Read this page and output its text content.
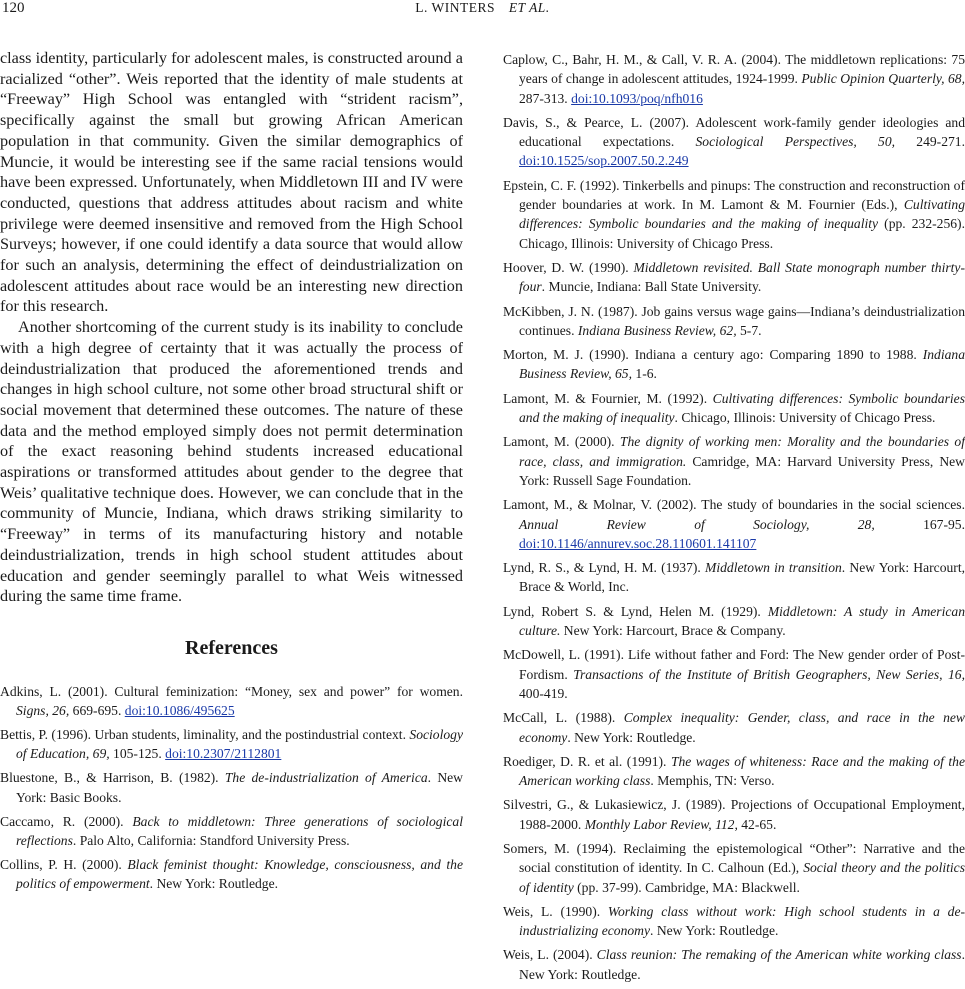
120	L. WINTERS ET AL.

class identity, particularly for adolescent males, is constructed around a racialized “other”. Weis reported that the identity of male students at “Freeway” High School was entangled with “strident racism”, specifically against the small but growing African American population in that community. Given the similar demographics of Muncie, it would be interesting see if the same racial tensions would have been expressed. Unfortunately, when Middletown III and IV were conducted, questions that address attitudes about racism and white privilege were deemed insensitive and removed from the High School Surveys; however, if one could identify a data source that would allow for such an analysis, determining the effect of deindustrialization on adolescent attitudes about race would be an interesting new direction for this research.

Another shortcoming of the current study is its inability to conclude with a high degree of certainty that it was actually the process of deindustrialization that produced the aforementioned trends and changes in high school culture, not some other broad structural shift or social movement that determined these outcomes. The nature of these data and the method employed simply does not permit determination of the exact reasoning behind students increased educational aspirations or transformed attitudes about gender to the degree that Weis’ qualitative technique does. However, we can conclude that in the community of Muncie, Indiana, which draws striking similarity to “Freeway” in terms of its manufacturing history and notable deindustrialization, trends in high school student attitudes about education and gender seemingly parallel to what Weis witnessed during the same time frame.

References

Adkins, L. (2001). Cultural feminization: “Money, sex and power” for women. Signs, 26, 669-695. doi:10.1086/495625

Bettis, P. (1996). Urban students, liminality, and the postindustrial context. Sociology of Education, 69, 105-125. doi:10.2307/2112801

Bluestone, B., & Harrison, B. (1982). The de-industrialization of America. New York: Basic Books.

Caccamo, R. (2000). Back to middletown: Three generations of sociological reflections. Palo Alto, California: Standford University Press.

Collins, P. H. (2000). Black feminist thought: Knowledge, consciousness, and the politics of empowerment. New York: Routledge.

Caplow, C., Bahr, H. M., & Call, V. R. A. (2004). The middletown replications: 75 years of change in adolescent attitudes, 1924-1999. Public Opinion Quarterly, 68, 287-313. doi:10.1093/poq/nfh016

Davis, S., & Pearce, L. (2007). Adolescent work-family gender ideologies and educational expectations. Sociological Perspectives, 50, 249-271. doi:10.1525/sop.2007.50.2.249

Epstein, C. F. (1992). Tinkerbells and pinups: The construction and reconstruction of gender boundaries at work. In M. Lamont & M. Fournier (Eds.), Cultivating differences: Symbolic boundaries and the making of inequality (pp. 232-256). Chicago, Illinois: University of Chicago Press.

Hoover, D. W. (1990). Middletown revisited. Ball State monograph number thirty-four. Muncie, Indiana: Ball State University.

McKibben, J. N. (1987). Job gains versus wage gains—Indiana’s deindustrialization continues. Indiana Business Review, 62, 5-7.

Morton, M. J. (1990). Indiana a century ago: Comparing 1890 to 1988. Indiana Business Review, 65, 1-6.

Lamont, M. & Fournier, M. (1992). Cultivating differences: Symbolic boundaries and the making of inequality. Chicago, Illinois: University of Chicago Press.

Lamont, M. (2000). The dignity of working men: Morality and the boundaries of race, class, and immigration. Camridge, MA: Harvard University Press, New York: Russell Sage Foundation.

Lamont, M., & Molnar, V. (2002). The study of boundaries in the social sciences. Annual Review of Sociology, 28, 167-95. doi:10.1146/annurev.soc.28.110601.141107

Lynd, R. S., & Lynd, H. M. (1937). Middletown in transition. New York: Harcourt, Brace & World, Inc.

Lynd, Robert S. & Lynd, Helen M. (1929). Middletown: A study in American culture. New York: Harcourt, Brace & Company.

McDowell, L. (1991). Life without father and Ford: The New gender order of Post-Fordism. Transactions of the Institute of British Geographers, New Series, 16, 400-419.

McCall, L. (1988). Complex inequality: Gender, class, and race in the new economy. New York: Routledge.

Roediger, D. R. et al. (1991). The wages of whiteness: Race and the making of the American working class. Memphis, TN: Verso.

Silvestri, G., & Lukasiewicz, J. (1989). Projections of Occupational Employment, 1988-2000. Monthly Labor Review, 112, 42-65.

Somers, M. (1994). Reclaiming the epistemological “Other”: Narrative and the social constitution of identity. In C. Calhoun (Ed.), Social theory and the politics of identity (pp. 37-99). Cambridge, MA: Blackwell.

Weis, L. (1990). Working class without work: High school students in a de-industrializing economy. New York: Routledge.

Weis, L. (2004). Class reunion: The remaking of the American white working class. New York: Routledge.
